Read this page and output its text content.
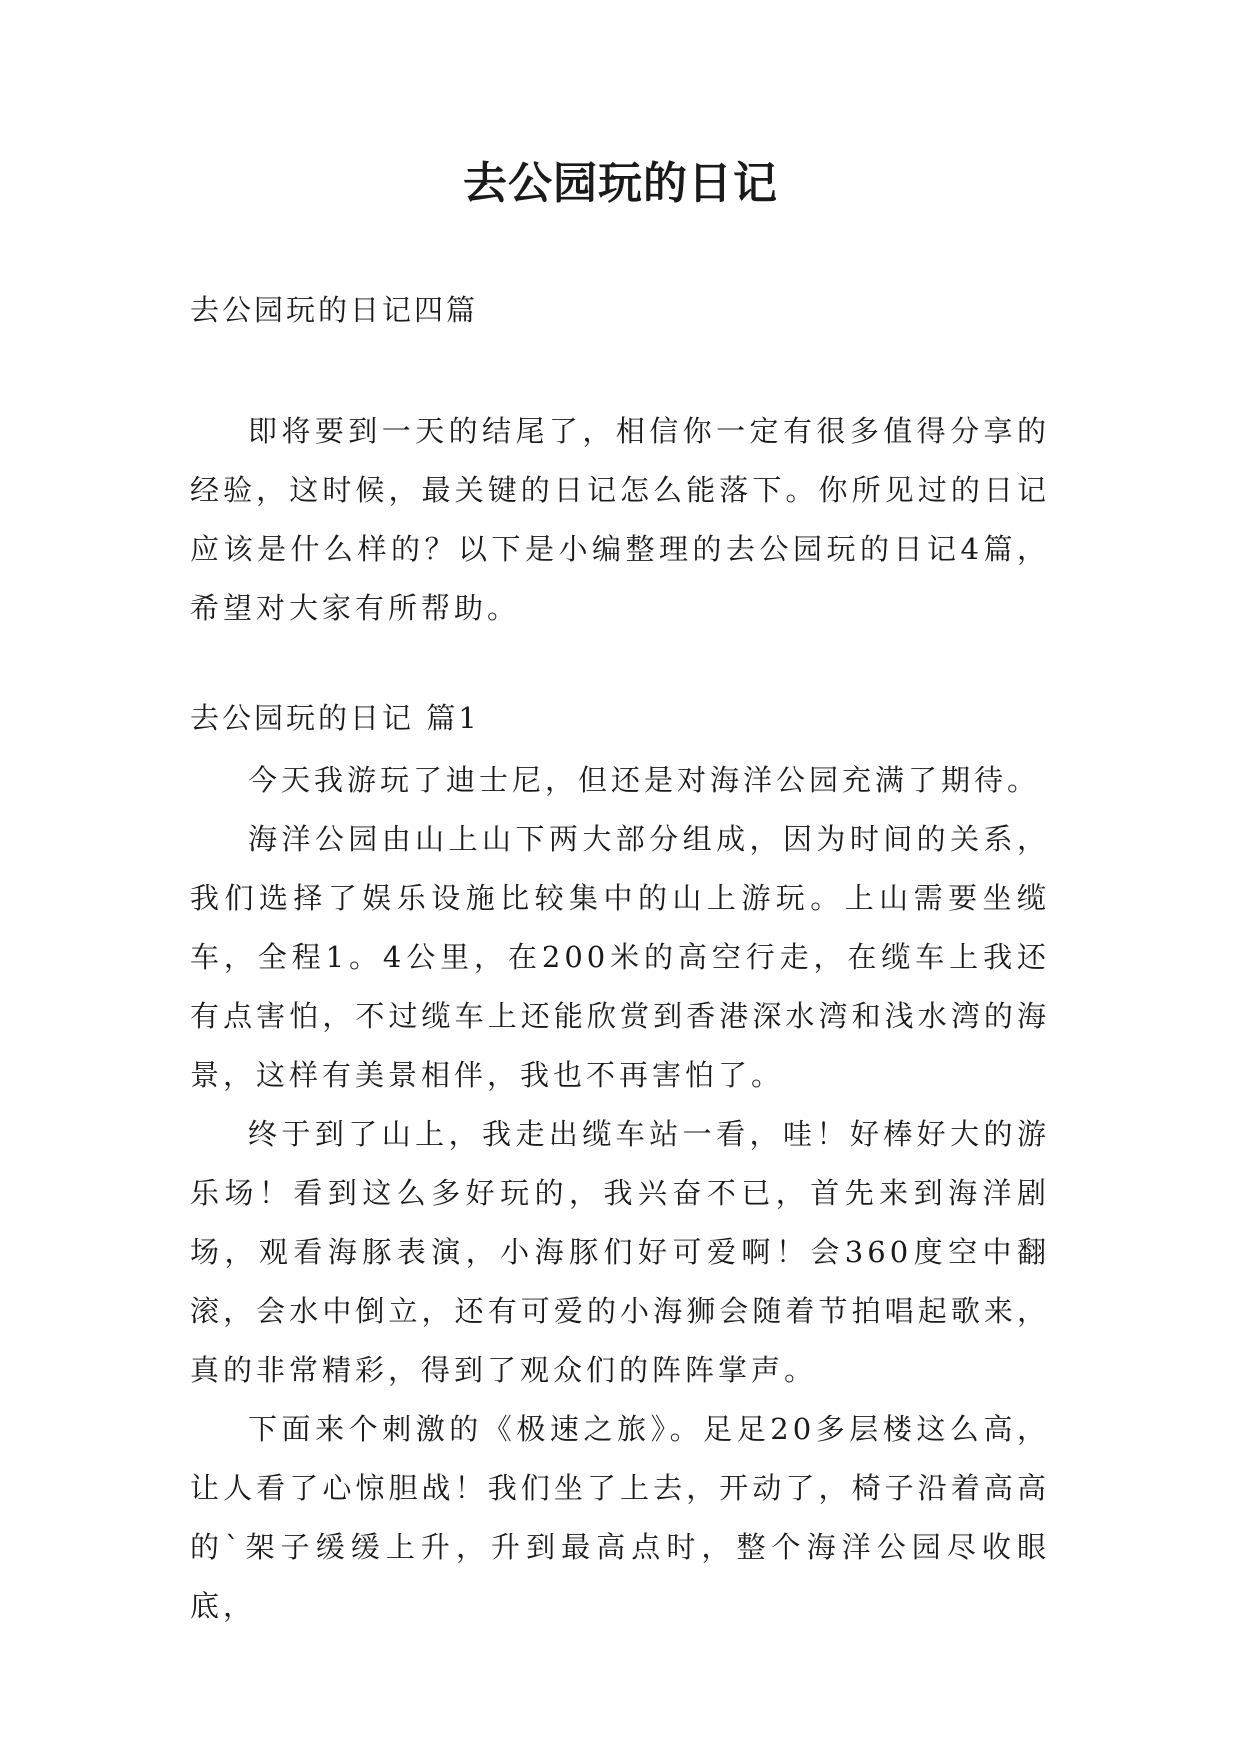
去公园玩的日记
去公园玩的日记四篇

即将要到一天的结尾了，相信你一定有很多值得分享的经验，这时候，最关键的日记怎么能落下。你所见过的日记应该是什么样的？以下是小编整理的去公园玩的日记4篇，希望对大家有所帮助。

去公园玩的日记 篇1

今天我游玩了迪士尼，但还是对海洋公园充满了期待。

海洋公园由山上山下两大部分组成，因为时间的关系，我们选择了娱乐设施比较集中的山上游玩。上山需要坐缆车，全程1。4公里，在200米的高空行走，在缆车上我还有点害怕，不过缆车上还能欣赏到香港深水湾和浅水湾的海景，这样有美景相伴，我也不再害怕了。

终于到了山上，我走出缆车站一看，哇！好棒好大的游乐场！看到这么多好玩的，我兴奋不已，首先来到海洋剧场，观看海豚表演，小海豚们好可爱啊！会360度空中翻滚，会水中倒立，还有可爱的小海狮会随着节拍唱起歌来，真的非常精彩，得到了观众们的阵阵掌声。

下面来个刺激的《极速之旅》。足足20多层楼这么高，让人看了心惊胆战！我们坐了上去，开动了，椅子沿着高高的`架子缓缓上升，升到最高点时，整个海洋公园尽收眼底，
